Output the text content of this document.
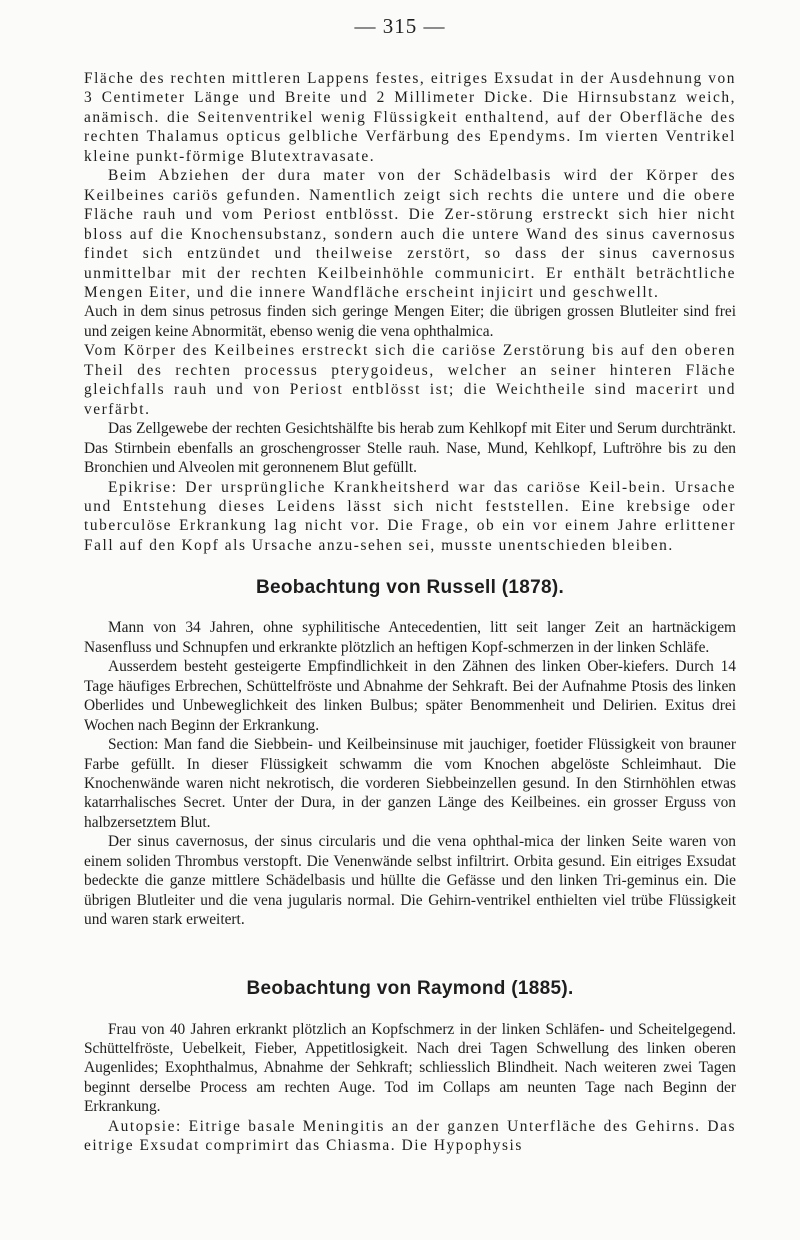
— 315 —

Fläche des rechten mittleren Lappens festes, eitriges Exsudat in der Ausdehnung von 3 Centimeter Länge und Breite und 2 Millimeter Dicke. Die Hirnsubstanz weich, anämisch. die Seitenventrikel wenig Flüssigkeit enthaltend, auf der Oberfläche des rechten Thalamus opticus gelbliche Verfärbung des Ependyms. Im vierten Ventrikel kleine punkt-förmige Blutextravasate.

Beim Abziehen der dura mater von der Schädelbasis wird der Körper des Keilbeines cariös gefunden. Namentlich zeigt sich rechts die untere und die obere Fläche rauh und vom Periost entblösst. Die Zer-störung erstreckt sich hier nicht bloss auf die Knochensubstanz, sondern auch die untere Wand des sinus cavernosus findet sich entzündet und theilweise zerstört, so dass der sinus cavernosus unmittelbar mit der rechten Keilbeinhöhle communicirt. Er enthält beträchtliche Mengen Eiter, und die innere Wandfläche erscheint injicirt und geschwellt.

Auch in dem sinus petrosus finden sich geringe Mengen Eiter; die übrigen grossen Blutleiter sind frei und zeigen keine Abnormität, ebenso wenig die vena ophthalmica.

Vom Körper des Keilbeines erstreckt sich die cariöse Zerstörung bis auf den oberen Theil des rechten processus pterygoideus, welcher an seiner hinteren Fläche gleichfalls rauh und von Periost entblösst ist; die Weichtheile sind macerirt und verfärbt.

Das Zellgewebe der rechten Gesichtshälfte bis herab zum Kehlkopf mit Eiter und Serum durchtränkt. Das Stirnbein ebenfalls an groschengrosser Stelle rauh. Nase, Mund, Kehlkopf, Luftröhre bis zu den Bronchien und Alveolen mit geronnenem Blut gefüllt.

Epikrise: Der ursprüngliche Krankheitsherd war das cariöse Keil-bein. Ursache und Entstehung dieses Leidens lässt sich nicht feststellen. Eine krebsige oder tuberculöse Erkrankung lag nicht vor. Die Frage, ob ein vor einem Jahre erlittener Fall auf den Kopf als Ursache anzu-sehen sei, musste unentschieden bleiben.

Beobachtung von Russell (1878).

Mann von 34 Jahren, ohne syphilitische Antecedentien, litt seit langer Zeit an hartnäckigem Nasenfluss und Schnupfen und erkrankte plötzlich an heftigen Kopf-schmerzen in der linken Schläfe.

Ausserdem besteht gesteigerte Empfindlichkeit in den Zähnen des linken Ober-kiefers. Durch 14 Tage häufiges Erbrechen, Schüttelfröste und Abnahme der Sehkraft. Bei der Aufnahme Ptosis des linken Oberlides und Unbeweglichkeit des linken Bulbus; später Benommenheit und Delirien. Exitus drei Wochen nach Beginn der Erkrankung.

Section: Man fand die Siebbein- und Keilbeinsinuse mit jauchiger, foetider Flüssigkeit von brauner Farbe gefüllt. In dieser Flüssigkeit schwamm die vom Knochen abgelöste Schleimhaut. Die Knochenwände waren nicht nekrotisch, die vorderen Siebbeinzellen gesund. In den Stirnhöhlen etwas katarrhalisches Secret. Unter der Dura, in der ganzen Länge des Keilbeines. ein grosser Erguss von halbzersetztem Blut.

Der sinus cavernosus, der sinus circularis und die vena ophthal-mica der linken Seite waren von einem soliden Thrombus verstopft. Die Venenwände selbst infiltrirt. Orbita gesund. Ein eitriges Exsudat bedeckte die ganze mittlere Schädelbasis und hüllte die Gefässe und den linken Tri-geminus ein. Die übrigen Blutleiter und die vena jugularis normal. Die Gehirn-ventrikel enthielten viel trübe Flüssigkeit und waren stark erweitert.

Beobachtung von Raymond (1885).

Frau von 40 Jahren erkrankt plötzlich an Kopfschmerz in der linken Schläfen- und Scheitelgegend. Schüttelfröste, Uebelkeit, Fieber, Appetitlosigkeit. Nach drei Tagen Schwellung des linken oberen Augenlides; Exophthalmus, Abnahme der Sehkraft; schliesslich Blindheit. Nach weiteren zwei Tagen beginnt derselbe Process am rechten Auge. Tod im Collaps am neunten Tage nach Beginn der Erkrankung.

Autopsie: Eitrige basale Meningitis an der ganzen Unterfläche des Gehirns. Das eitrige Exsudat comprimirt das Chiasma. Die Hypophysis
